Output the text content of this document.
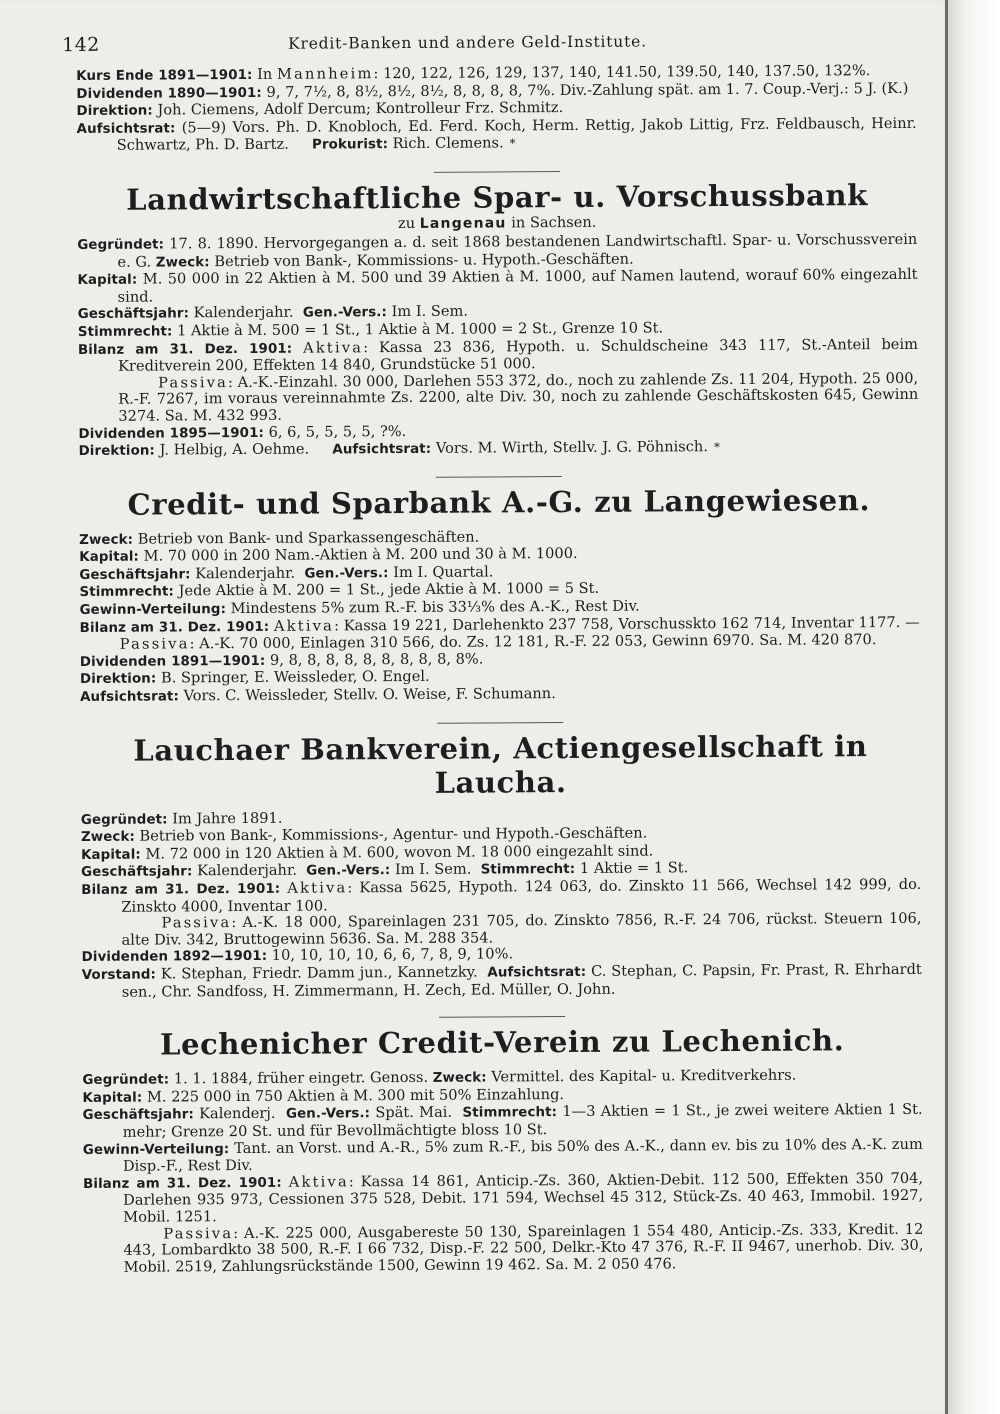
142	Kredit-Banken und andere Geld-Institute.

Kurs Ende 1891—1901: In Mannheim: 120, 122, 126, 129, 137, 140, 141.50, 139.50, 140, 137.50, 132%.

Dividenden 1890—1901: 9, 7, 7½, 8, 8½, 8½, 8½, 8, 8, 8, 8, 7%. Div.-Zahlung spät. am 1. 7. Coup.-Verj.: 5 J. (K.)

Direktion: Joh. Ciemens, Adolf Dercum; Kontrolleur Frz. Schmitz.

Aufsichtsrat: (5—9) Vors. Ph. D. Knobloch, Ed. Ferd. Koch, Herm. Rettig, Jakob Littig, Frz. Feldbausch, Heinr. Schwartz, Ph. D. Bartz. Prokurist: Rich. Clemens. *

Landwirtschaftliche Spar- u. Vorschussbank
zu Langenau in Sachsen.

Gegründet: 17. 8. 1890. Hervorgegangen a. d. seit 1868 bestandenen Landwirtschaftl. Spar- u. Vorschussverein e. G. Zweck: Betrieb von Bank-, Kommissions- u. Hypoth.-Geschäften.

Kapital: M. 50 000 in 22 Aktien à M. 500 und 39 Aktien à M. 1000, auf Namen lautend, worauf 60% eingezahlt sind.

Geschäftsjahr: Kalenderjahr. Gen.-Vers.: Im I. Sem.

Stimmrecht: 1 Aktie à M. 500 = 1 St., 1 Aktie à M. 1000 = 2 St., Grenze 10 St.

Bilanz am 31. Dez. 1901: Aktiva: Kassa 23 836, Hypoth. u. Schuldscheine 343 117, St.-Anteil beim Kreditverein 200, Effekten 14 840, Grundstücke 51 000.

Passiva: A.-K.-Einzahl. 30 000, Darlehen 553 372, do., noch zu zahlende Zs. 11 204, Hypoth. 25 000, R.-F. 7267, im voraus vereinnahmte Zs. 2200, alte Div. 30, noch zu zahlende Geschäftskosten 645, Gewinn 3274. Sa. M. 432 993.

Dividenden 1895—1901: 6, 6, 5, 5, 5, 5, ?%.

Direktion: J. Helbig, A. Oehme. Aufsichtsrat: Vors. M. Wirth, Stellv. J. G. Pöhnisch. *

Credit- und Sparbank A.-G. zu Langewiesen.

Zweck: Betrieb von Bank- und Sparkassengeschäften.

Kapital: M. 70 000 in 200 Nam.-Aktien à M. 200 und 30 à M. 1000.

Geschäftsjahr: Kalenderjahr. Gen.-Vers.: Im I. Quartal.

Stimmrecht: Jede Aktie à M. 200 = 1 St., jede Aktie à M. 1000 = 5 St.

Gewinn-Verteilung: Mindestens 5% zum R.-F. bis 33⅓% des A.-K., Rest Div.

Bilanz am 31. Dez. 1901: Aktiva: Kassa 19 221, Darlehenkto 237 758, Vorschusskto 162 714, Inventar 1177. — Passiva: A.-K. 70 000, Einlagen 310 566, do. Zs. 12 181, R.-F. 22 053, Gewinn 6970. Sa. M. 420 870.

Dividenden 1891—1901: 9, 8, 8, 8, 8, 8, 8, 8, 8, 8, 8%.

Direktion: B. Springer, E. Weissleder, O. Engel.

Aufsichtsrat: Vors. C. Weissleder, Stellv. O. Weise, F. Schumann.

Lauchaer Bankverein, Actiengesellschaft in Laucha.

Gegründet: Im Jahre 1891.

Zweck: Betrieb von Bank-, Kommissions-, Agentur- und Hypoth.-Geschäften.

Kapital: M. 72 000 in 120 Aktien à M. 600, wovon M. 18 000 eingezahlt sind.

Geschäftsjahr: Kalenderjahr. Gen.-Vers.: Im I. Sem. Stimmrecht: 1 Aktie = 1 St.

Bilanz am 31. Dez. 1901: Aktiva: Kassa 5625, Hypoth. 124 063, do. Zinskto 11 566, Wechsel 142 999, do. Zinskto 4000, Inventar 100.

Passiva: A.-K. 18 000, Spareinlagen 231 705, do. Zinskto 7856, R.-F. 24 706, rückst. Steuern 106, alte Div. 342, Bruttogewinn 5636. Sa. M. 288 354.

Dividenden 1892—1901: 10, 10, 10, 10, 6, 6, 7, 8, 9, 10%.

Vorstand: K. Stephan, Friedr. Damm jun., Kannetzky. Aufsichtsrat: C. Stephan, C. Papsin, Fr. Prast, R. Ehrhardt sen., Chr. Sandfoss, H. Zimmermann, H. Zech, Ed. Müller, O. John.

Lechenicher Credit-Verein zu Lechenich.

Gegründet: 1. 1. 1884, früher eingetr. Genoss. Zweck: Vermittel. des Kapital- u. Kreditverkehrs.

Kapital: M. 225 000 in 750 Aktien à M. 300 mit 50% Einzahlung.

Geschäftsjahr: Kalenderj. Gen.-Vers.: Spät. Mai. Stimmrecht: 1—3 Aktien = 1 St., je zwei weitere Aktien 1 St. mehr; Grenze 20 St. und für Bevollmächtigte bloss 10 St.

Gewinn-Verteilung: Tant. an Vorst. und A.-R., 5% zum R.-F., bis 50% des A.-K., dann ev. bis zu 10% des A.-K. zum Disp.-F., Rest Div.

Bilanz am 31. Dez. 1901: Aktiva: Kassa 14 861, Anticip.-Zs. 360, Aktien-Debit. 112 500, Effekten 350 704, Darlehen 935 973, Cessionen 375 528, Debit. 171 594, Wechsel 45 312, Stück-Zs. 40 463, Immobil. 1927, Mobil. 1251.

Passiva: A.-K. 225 000, Ausgabereste 50 130, Spareinlagen 1 554 480, Anticip.-Zs. 333, Kredit. 12 443, Lombardkto 38 500, R.-F. I 66 732, Disp.-F. 22 500, Delkr.-Kto 47 376, R.-F. II 9467, unerhob. Div. 30, Mobil. 2519, Zahlungsrückstände 1500, Gewinn 19 462. Sa. M. 2 050 476.
